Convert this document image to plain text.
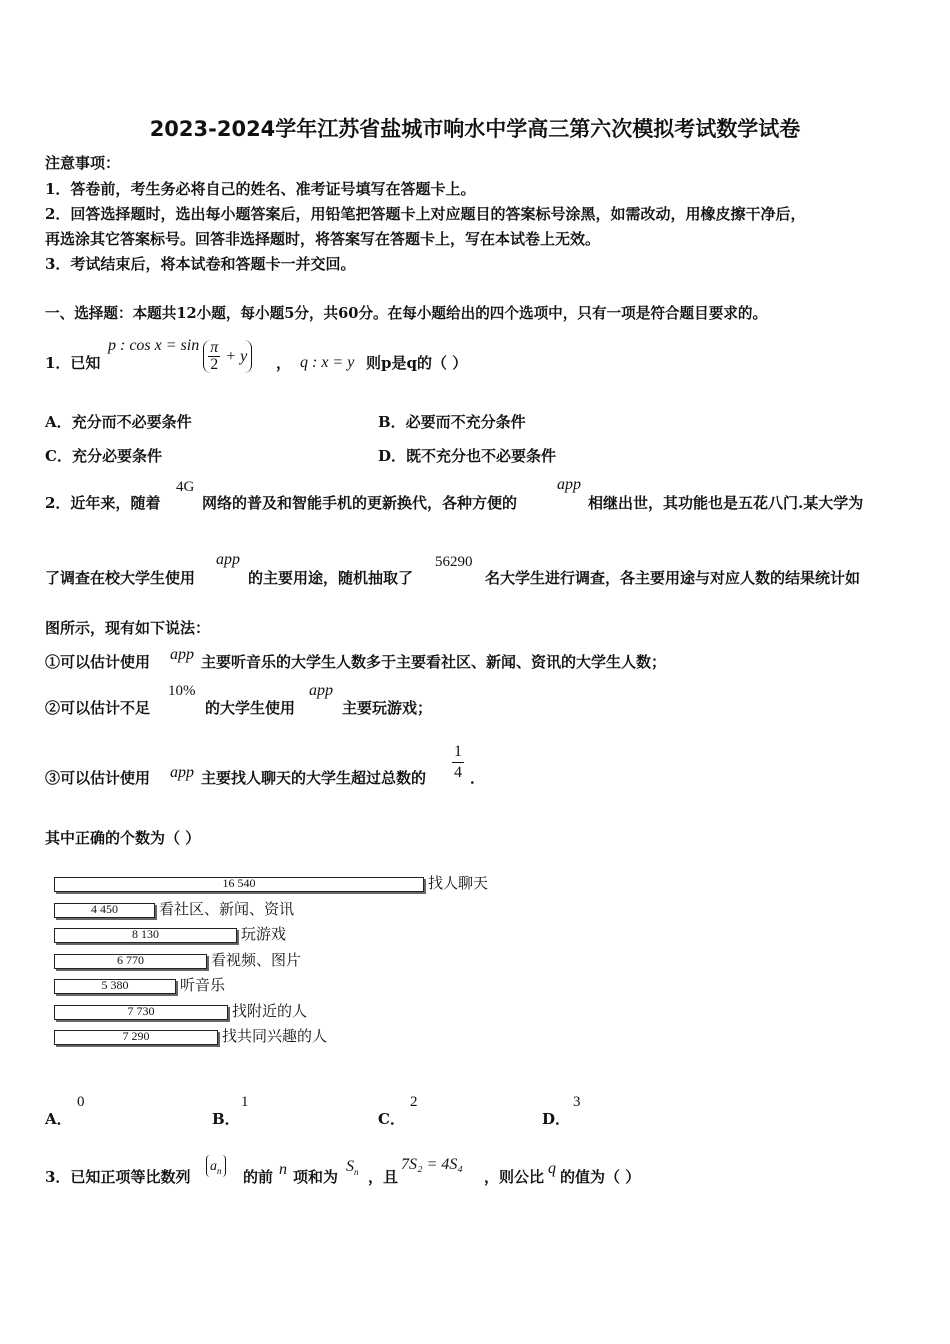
2023-2024学年江苏省盐城市响水中学高三第六次模拟考试数学试卷
注意事项：
1．答卷前，考生务必将自己的姓名、准考证号填写在答题卡上。
2．回答选择题时，选出每小题答案后，用铅笔把答题卡上对应题目的答案标号涂黑，如需改动，用橡皮擦干净后，
再选涂其它答案标号。回答非选择题时，将答案写在答题卡上，写在本试卷上无效。
3．考试结束后，将本试卷和答题卡一并交回。
一、选择题：本题共12小题，每小题5分，共60分。在每小题给出的四个选项中，只有一项是符合题目要求的。
1．已知
p : $\cos x = \sin \frac{\pi}{2} + y$	， q : x = y 则p是q的（ ）
A．充分而不必要条件	B．必要而不充分条件
C．充分必要条件	D．既不充分也不必要条件
2．近年来，随着
4G
网络的普及和智能手机的更新换代，各种方便的
app
相继出世，其功能也是五花八门.某大学为
了调查在校大学生使用
app
的主要用途，随机抽取了
56290
名大学生进行调查，各主要用途与对应人数的结果统计如
图所示，现有如下说法：
①可以估计使用 app 主要听音乐的大学生人数多于主要看社区、新闻、资讯的大学生人数；
②可以估计不足
10%
的大学生使用
app
主要玩游戏；
③可以估计使用 app 主要找人聊天的大学生超过总数的 $\frac{1}{4}$ ．
其中正确的个数为（ ）
16 540	找人聊天
4 450	看社区、新闻、资讯
8 130	玩游戏
6 770	看视频、图片
5 380	听音乐
7 730	找附近的人
7 290	找共同兴趣的人
A．
0
B．
1
C．
2
D．
3
3．已知正项等比数列
$a_n$ 的前 n 项和为
$S_n$ ，且
7S₂ = 4S₄
，则公比 q 的值为（ ）
